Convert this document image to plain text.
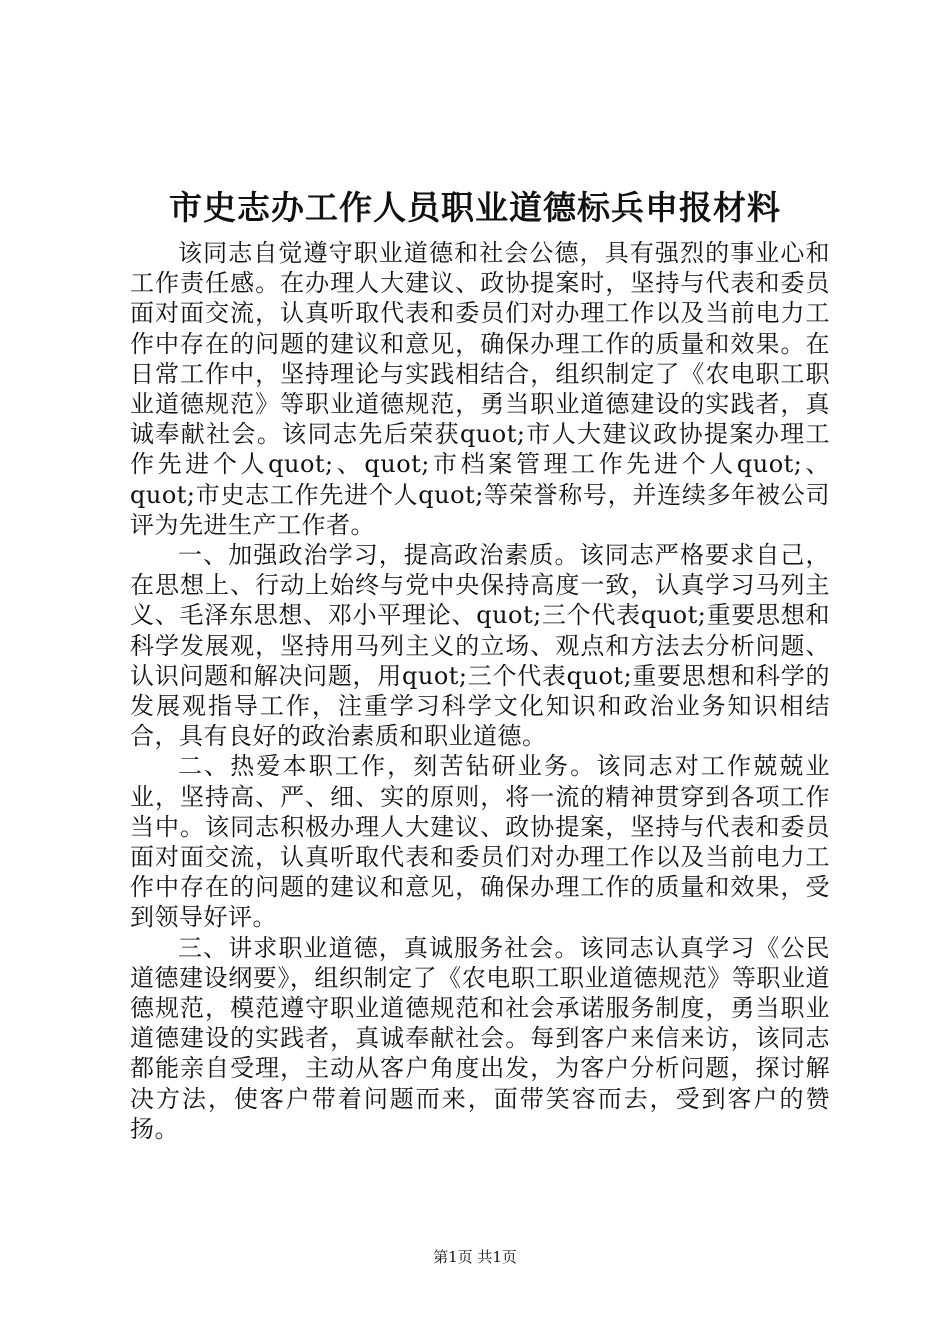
市史志办工作人员职业道德标兵申报材料

该同志自觉遵守职业道德和社会公德，具有强烈的事业心和工作责任感。在办理人大建议、政协提案时，坚持与代表和委员面对面交流，认真听取代表和委员们对办理工作以及当前电力工作中存在的问题的建议和意见，确保办理工作的质量和效果。在日常工作中，坚持理论与实践相结合，组织制定了《农电职工职业道德规范》等职业道德规范，勇当职业道德建设的实践者，真诚奉献社会。该同志先后荣获quot;市人大建议政协提案办理工作先进个人quot;、quot;市档案管理工作先进个人quot;、quot;市史志工作先进个人quot;等荣誉称号，并连续多年被公司评为先进生产工作者。

一、加强政治学习，提高政治素质。该同志严格要求自己，在思想上、行动上始终与党中央保持高度一致，认真学习马列主义、毛泽东思想、邓小平理论、quot;三个代表quot;重要思想和科学发展观，坚持用马列主义的立场、观点和方法去分析问题、认识问题和解决问题，用quot;三个代表quot;重要思想和科学的发展观指导工作，注重学习科学文化知识和政治业务知识相结合，具有良好的政治素质和职业道德。

二、热爱本职工作，刻苦钻研业务。该同志对工作兢兢业业，坚持高、严、细、实的原则，将一流的精神贯穿到各项工作当中。该同志积极办理人大建议、政协提案，坚持与代表和委员面对面交流，认真听取代表和委员们对办理工作以及当前电力工作中存在的问题的建议和意见，确保办理工作的质量和效果，受到领导好评。

三、讲求职业道德，真诚服务社会。该同志认真学习《公民道德建设纲要》，组织制定了《农电职工职业道德规范》等职业道德规范，模范遵守职业道德规范和社会承诺服务制度，勇当职业道德建设的实践者，真诚奉献社会。每到客户来信来访，该同志都能亲自受理，主动从客户角度出发，为客户分析问题，探讨解决方法，使客户带着问题而来，面带笑容而去，受到客户的赞扬。

第1页 共1页
